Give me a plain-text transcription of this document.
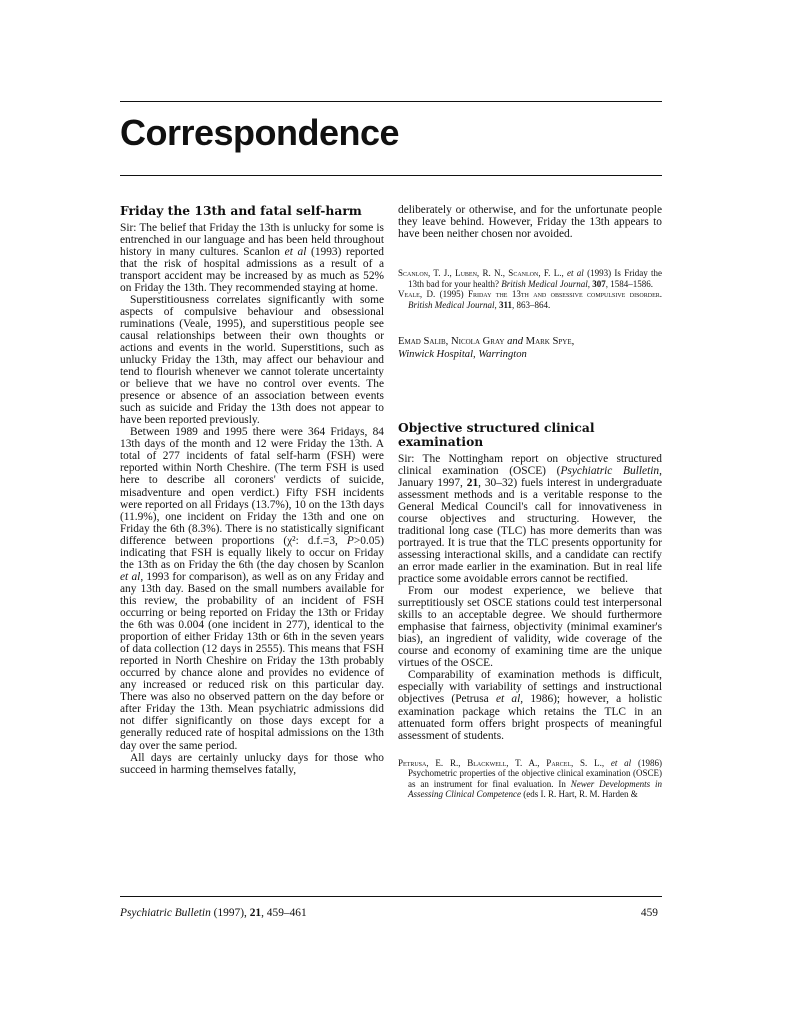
Correspondence
Friday the 13th and fatal self-harm

Sir: The belief that Friday the 13th is unlucky for some is entrenched in our language and has been held throughout history in many cultures. Scanlon et al (1993) reported that the risk of hospital admissions as a result of a transport accident may be increased by as much as 52% on Friday the 13th. They recommended staying at home.

Superstitiousness correlates significantly with some aspects of compulsive behaviour and obsessional ruminations (Veale, 1995), and superstitious people see causal relationships between their own thoughts or actions and events in the world. Superstitions, such as unlucky Friday the 13th, may affect our behaviour and tend to flourish whenever we cannot tolerate uncertainty or believe that we have no control over events. The presence or absence of an association between events such as suicide and Friday the 13th does not appear to have been reported previously.

Between 1989 and 1995 there were 364 Fridays, 84 13th days of the month and 12 were Friday the 13th. A total of 277 incidents of fatal self-harm (FSH) were reported within North Cheshire. (The term FSH is used here to describe all coroners' verdicts of suicide, misadventure and open verdict.) Fifty FSH incidents were reported on all Fridays (13.7%), 10 on the 13th days (11.9%), one incident on Friday the 13th and one on Friday the 6th (8.3%). There is no statistically significant difference between proportions (χ²: d.f.=3, P>0.05) indicating that FSH is equally likely to occur on Friday the 13th as on Friday the 6th (the day chosen by Scanlon et al, 1993 for comparison), as well as on any Friday and any 13th day. Based on the small numbers available for this review, the probability of an incident of FSH occurring or being reported on Friday the 13th or Friday the 6th was 0.004 (one incident in 277), identical to the proportion of either Friday 13th or 6th in the seven years of data collection (12 days in 2555). This means that FSH reported in North Cheshire on Friday the 13th probably occurred by chance alone and provides no evidence of any increased or reduced risk on this particular day. There was also no observed pattern on the day before or after Friday the 13th. Mean psychiatric admissions did not differ significantly on those days except for a generally reduced rate of hospital admissions on the 13th day over the same period.

All days are certainly unlucky days for those who succeed in harming themselves fatally,

deliberately or otherwise, and for the unfortunate people they leave behind. However, Friday the 13th appears to have been neither chosen nor avoided.

Scanlon, T. J., Luben, R. N., Scanlon, F. L., et al (1993) Is Friday the 13th bad for your health? British Medical Journal, 307, 1584–1586.

Veale, D. (1995) Friday the 13th and obsessive compulsive disorder. British Medical Journal, 311, 863–864.

Emad Salib, Nicola Gray and Mark Spye,
Winwick Hospital, Warrington
Objective structured clinical examination

Sir: The Nottingham report on objective structured clinical examination (OSCE) (Psychiatric Bulletin, January 1997, 21, 30–32) fuels interest in undergraduate assessment methods and is a veritable response to the General Medical Council's call for innovativeness in course objectives and structuring. However, the traditional long case (TLC) has more demerits than was portrayed. It is true that the TLC presents opportunity for assessing interactional skills, and a candidate can rectify an error made earlier in the examination. But in real life practice some avoidable errors cannot be rectified.

From our modest experience, we believe that surreptitiously set OSCE stations could test interpersonal skills to an acceptable degree. We should furthermore emphasise that fairness, objectivity (minimal examiner's bias), an ingredient of validity, wide coverage of the course and economy of examining time are the unique virtues of the OSCE.

Comparability of examination methods is difficult, especially with variability of settings and instructional objectives (Petrusa et al, 1986); however, a holistic examination package which retains the TLC in an attenuated form offers bright prospects of meaningful assessment of students.

Petrusa, E. R., Blackwell, T. A., Parcel, S. L., et al (1986) Psychometric properties of the objective clinical examination (OSCE) as an instrument for final evaluation. In Newer Developments in Assessing Clinical Competence (eds I. R. Hart, R. M. Harden &

Psychiatric Bulletin (1997), 21, 459–461	459
